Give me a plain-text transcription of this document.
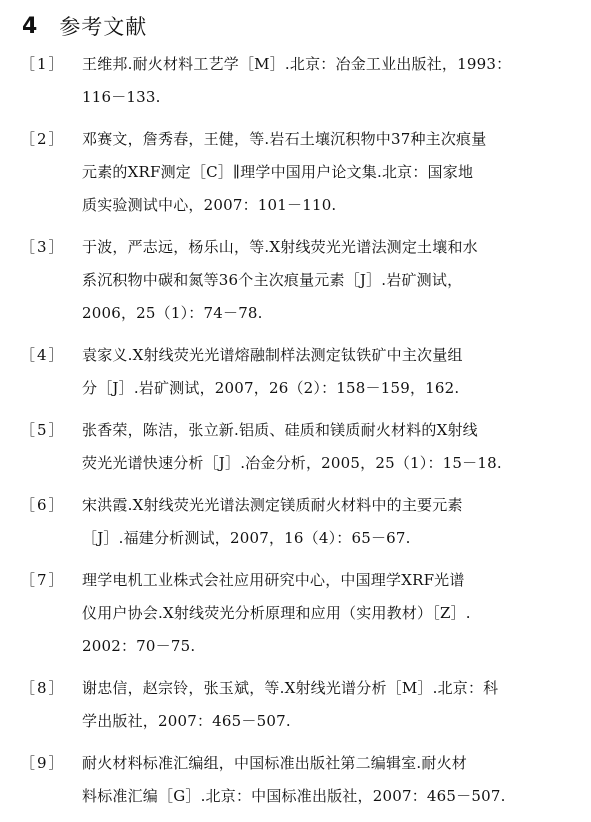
4 参考文献
［1］ 王维邦.耐火材料工艺学［M］.北京：冶金工业出版社，1993：
116－133.
［2］ 邓赛文，詹秀春，王健，等.岩石土壤沉积物中37种主次痕量
元素的XRF测定［C］∥理学中国用户论文集.北京：国家地
质实验测试中心，2007：101－110.
［3］ 于波，严志远，杨乐山，等.X射线荧光光谱法测定土壤和水
系沉积物中碳和氮等36个主次痕量元素［J］.岩矿测试，
2006，25（1）：74－78.
［4］ 袁家义.X射线荧光光谱熔融制样法测定钛铁矿中主次量组
分［J］.岩矿测试，2007，26（2）：158－159，162.
［5］ 张香荣，陈洁，张立新.铝质、硅质和镁质耐火材料的X射线
荧光光谱快速分析［J］.冶金分析，2005，25（1）：15－18.
［6］ 宋洪霞.X射线荧光光谱法测定镁质耐火材料中的主要元素
［J］.福建分析测试，2007，16（4）：65－67.
［7］ 理学电机工业株式会社应用研究中心，中国理学XRF光谱
仪用户协会.X射线荧光分析原理和应用（实用教材）［Z］.
2002：70－75.
［8］ 谢忠信，赵宗铃，张玉斌，等.X射线光谱分析［M］.北京：科
学出版社，2007：465－507.
［9］ 耐火材料标准汇编组，中国标准出版社第二编辑室.耐火材
料标准汇编［G］.北京：中国标准出版社，2007：465－507.
